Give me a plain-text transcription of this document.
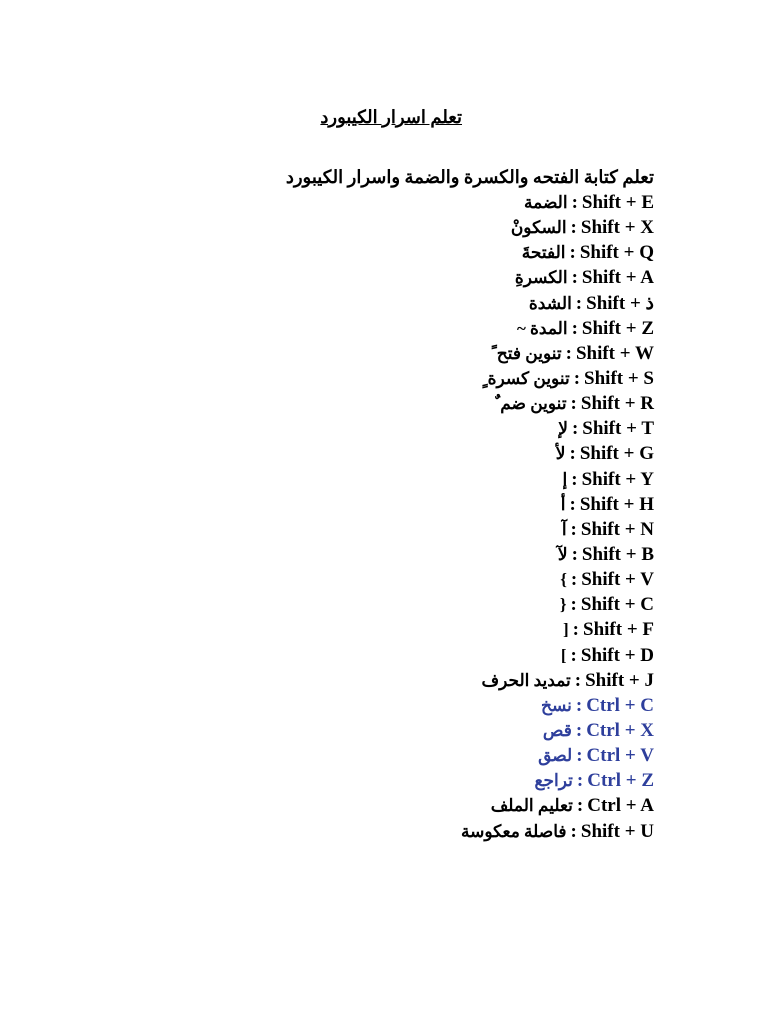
تعلم اسرار الكيبورد
تعلم كتابة الفتحه والكسرة والضمة واسرار الكيبورد
Shift + E:الضمة
Shift + X:السكونْ
Shift + Q:الفتحةَ
Shift + A:الكسرةِ
Shift + ذ:الشدة
Shift + Z:المدة ~
Shift + W:تنوين فتح ً
Shift + S:تنوين كسرة ٍ
Shift + R:تنوين ضم ٌ
Shift + T:لإ
Shift + G:لأ
Shift + Y:إ
Shift + H:أ
Shift + N:آ
Shift + B:لآ
Shift + V:}
Shift + C:{
Shift + F:[
Shift + D:]
Shift + J:تمديد الحرف
Ctrl + C:نسخ
Ctrl + X:قص
Ctrl + V:لصق
Ctrl + Z:تراجع
Ctrl + A:تعليم الملف
Shift + U:فاصلة معكوسة
